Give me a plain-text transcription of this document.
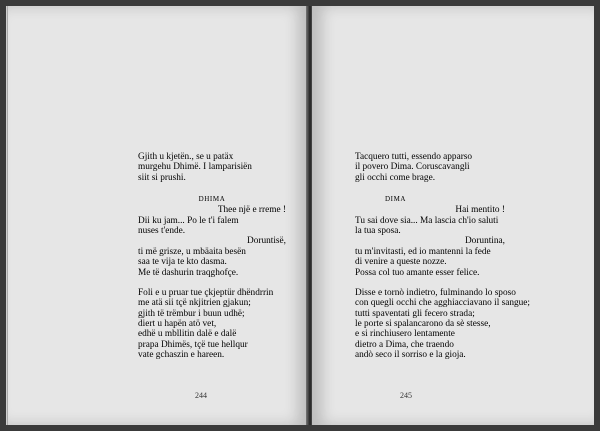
Gjith u kjetën., se u patäx
murgehu Dhimë. I lamparisiën
siit si prushi.
DHIMA
Thee një e rreme !
Dii ku jam... Po le t'i falem
nuses t'ende.
Doruntisë,
ti më grisze, u mbäaita besën
saa te vija te kto dasma.
Me të dashurin traqghofçe.
Foli e u pruar tue çkjeptür dhëndrrin
me atä sii tçë nkjitrien gjakun;
gjith të trëmbur i buun udhë;
diert u hapën atö vet,
edhë u mbllitin dalë e dalë
prapa Dhimës, tçë tue hellqur
vate gchaszin e hareen.
244
Tacquero tutti, essendo apparso
il povero Dima. Coruscavangli
gli occhi come brage.
DIMA
Hai mentito !
Tu sai dove sia... Ma lascia ch'io saluti
la tua sposa.
Doruntina,
tu m'invitasti, ed io mantenni la fede
di venire a queste nozze.
Possa col tuo amante esser felice.
Disse e tornò indietro, fulminando lo sposo
con quegli occhi che agghiacciavano il sangue;
tutti spaventati gli fecero strada;
le porte si spalancarono da sè stesse,
e si rinchiusero lentamente
dietro a Dima, che traendo
andò seco il sorriso e la gioja.
245
